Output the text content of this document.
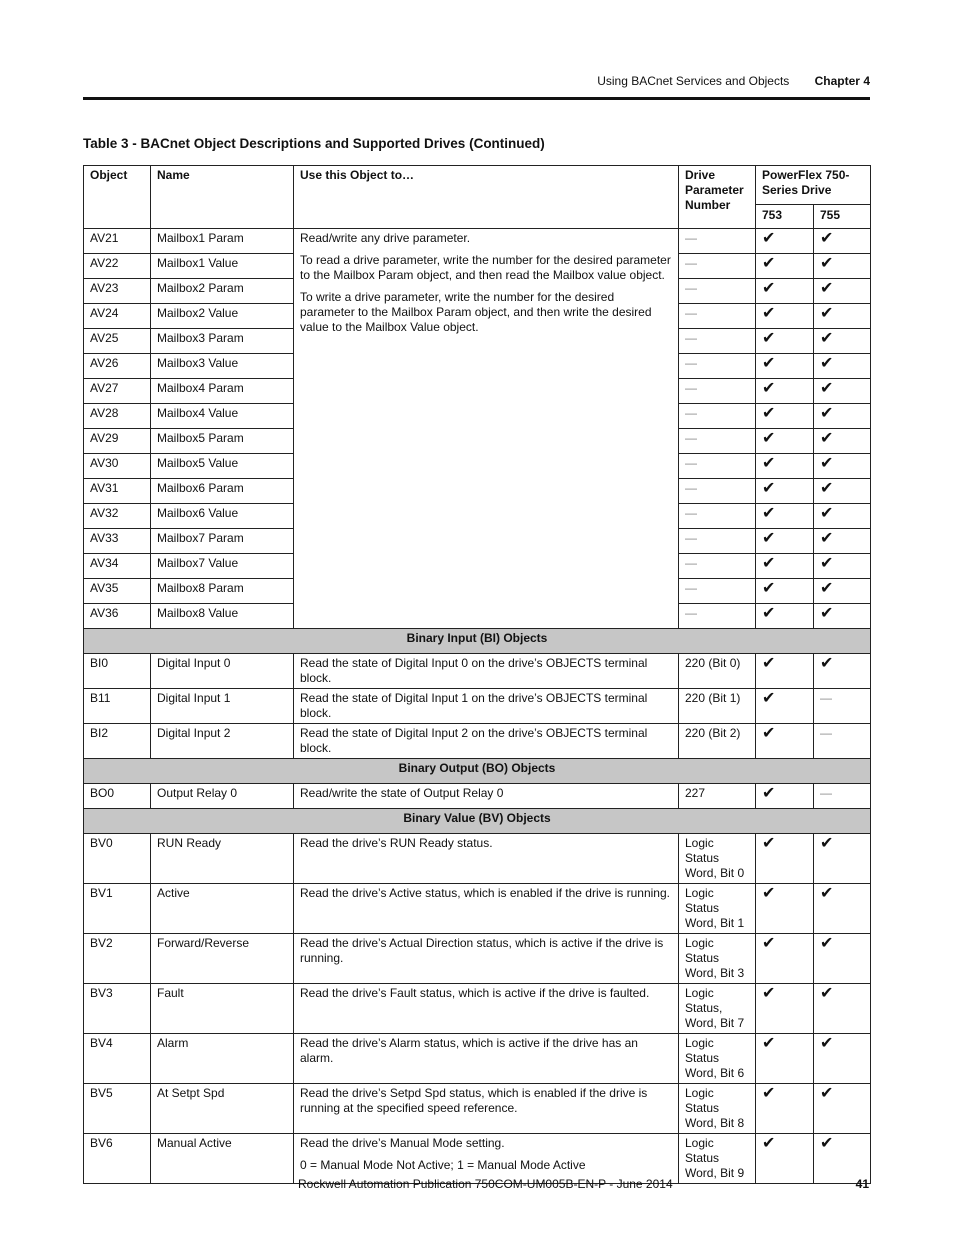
Using BACnet Services and Objects Chapter 4
Table 3 - BACnet Object Descriptions and Supported Drives (Continued)
Object	Name	Use this Object to…	Drive Parameter Number	PowerFlex 750-Series Drive	
				753	755
AV21	Mailbox1 Param	Read/write any drive parameter.

To read a drive parameter, write the number for the desired parameter to the Mailbox Param object, and then read the Mailbox value object.

To write a drive parameter, write the number for the desired parameter to the Mailbox Param object, and then write the desired value to the Mailbox Value object.	—	✔	✔
AV22	Mailbox1 Value		—	✔	✔
AV23	Mailbox2 Param		—	✔	✔
AV24	Mailbox2 Value		—	✔	✔
AV25	Mailbox3 Param		—	✔	✔
AV26	Mailbox3 Value		—	✔	✔
AV27	Mailbox4 Param		—	✔	✔
AV28	Mailbox4 Value		—	✔	✔
AV29	Mailbox5 Param		—	✔	✔
AV30	Mailbox5 Value		—	✔	✔
AV31	Mailbox6 Param		—	✔	✔
AV32	Mailbox6 Value		—	✔	✔
AV33	Mailbox7 Param		—	✔	✔
AV34	Mailbox7 Value		—	✔	✔
AV35	Mailbox8 Param		—	✔	✔
AV36	Mailbox8 Value		—	✔	✔
Binary Input (BI) Objects					
BI0	Digital Input 0	Read the state of Digital Input 0 on the drive’s OBJECTS terminal block.	220 (Bit 0)	✔	✔
B11	Digital Input 1	Read the state of Digital Input 1 on the drive’s OBJECTS terminal block.	220 (Bit 1)	✔	—
BI2	Digital Input 2	Read the state of Digital Input 2 on the drive’s OBJECTS terminal block.	220 (Bit 2)	✔	—
Binary Output (BO) Objects					
BO0	Output Relay 0	Read/write the state of Output Relay 0	227	✔	—
Binary Value (BV) Objects					
BV0	RUN Ready	Read the drive’s RUN Ready status.	Logic Status Word, Bit 0	✔	✔
BV1	Active	Read the drive’s Active status, which is enabled if the drive is running.	Logic Status Word, Bit 1	✔	✔
BV2	Forward/Reverse	Read the drive’s Actual Direction status, which is active if the drive is running.	Logic Status Word, Bit 3	✔	✔
BV3	Fault	Read the drive’s Fault status, which is active if the drive is faulted.	Logic Status, Word, Bit 7	✔	✔
BV4	Alarm	Read the drive’s Alarm status, which is active if the drive has an alarm.	Logic Status Word, Bit 6	✔	✔
BV5	At Setpt Spd	Read the drive’s Setpd Spd status, which is enabled if the drive is running at the specified speed reference.	Logic Status Word, Bit 8	✔	✔
BV6	Manual Active	Read the drive’s Manual Mode setting.

0 = Manual Mode Not Active; 1 = Manual Mode Active	Logic Status Word, Bit 9	✔	✔
Rockwell Automation Publication 750COM-UM005B-EN-P - June 2014	41
